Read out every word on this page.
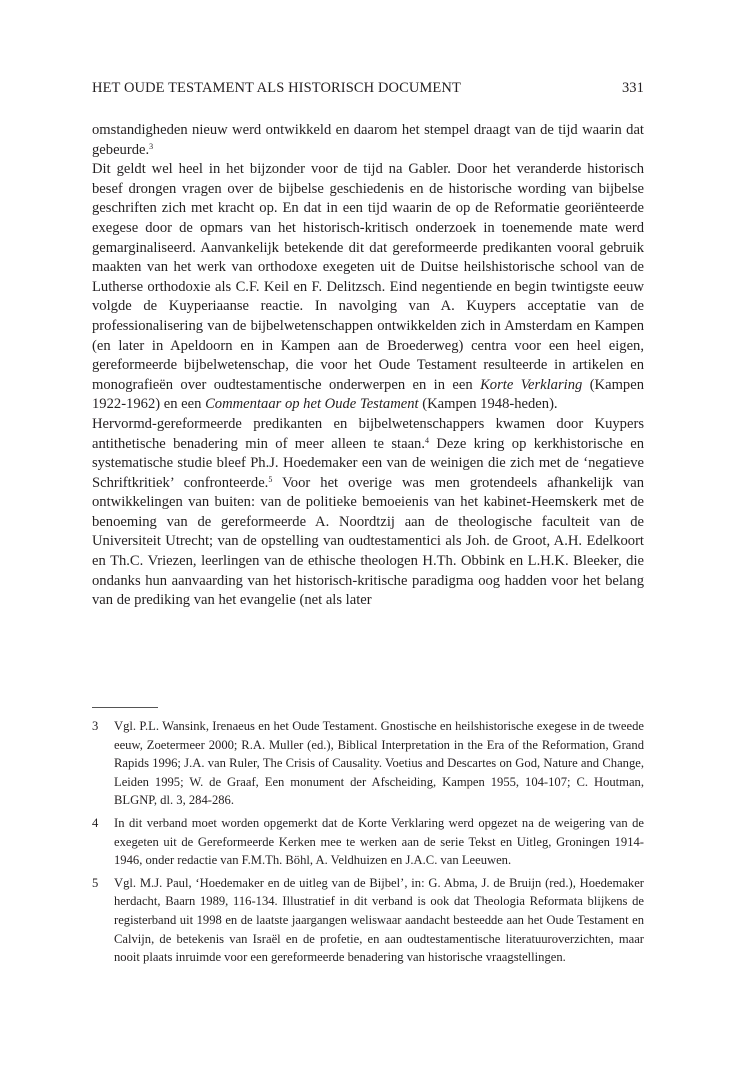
HET OUDE TESTAMENT ALS HISTORISCH DOCUMENT	331

omstandigheden nieuw werd ontwikkeld en daarom het stempel draagt van de tijd waarin dat gebeurde.$^3$

Dit geldt wel heel in het bijzonder voor de tijd na Gabler. Door het veranderde historisch besef drongen vragen over de bijbelse geschiedenis en de historische wording van bijbelse geschriften zich met kracht op. En dat in een tijd waarin de op de Reformatie georiënteerde exegese door de opmars van het historisch-kritisch onderzoek in toenemende mate werd gemarginaliseerd. Aanvankelijk betekende dit dat gereformeerde predikanten vooral gebruik maakten van het werk van orthodoxe exegeten uit de Duitse heilshistorische school van de Lutherse orthodoxie als C.F. Keil en F. Delitzsch. Eind negentiende en begin twintigste eeuw volgde de Kuyperiaanse reactie. In navolging van A. Kuypers acceptatie van de professionalisering van de bijbelwetenschappen ontwikkelden zich in Amsterdam en Kampen (en later in Apeldoorn en in Kampen aan de Broederweg) centra voor een heel eigen, gereformeerde bijbelwetenschap, die voor het Oude Testament resulteerde in artikelen en monografieën over oudtestamentische onderwerpen en in een Korte Verklaring (Kampen 1922-1962) en een Commentaar op het Oude Testament (Kampen 1948-heden).

Hervormd-gereformeerde predikanten en bijbelwetenschappers kwamen door Kuypers antithetische benadering min of meer alleen te staan.$^4$ Deze kring op kerkhistorische en systematische studie bleef Ph.J. Hoedemaker een van de weinigen die zich met de ‘negatieve Schriftkritiek’ confronteerde.$^5$ Voor het overige was men grotendeels afhankelijk van ontwikkelingen van buiten: van de politieke bemoeienis van het kabinet-Heemskerk met de benoeming van de gereformeerde A. Noordtzij aan de theologische faculteit van de Universiteit Utrecht; van de opstelling van oudtestamentici als Joh. de Groot, A.H. Edelkoort en Th.C. Vriezen, leerlingen van de ethische theologen H.Th. Obbink en L.H.K. Bleeker, die ondanks hun aanvaarding van het historisch-kritische paradigma oog hadden voor het belang van de prediking van het evangelie (net als later

3	Vgl. P.L. Wansink, Irenaeus en het Oude Testament. Gnostische en heilshistorische exegese in de tweede eeuw, Zoetermeer 2000; R.A. Muller (ed.), Biblical Interpretation in the Era of the Reformation, Grand Rapids 1996; J.A. van Ruler, The Crisis of Causality. Voetius and Descartes on God, Nature and Change, Leiden 1995; W. de Graaf, Een monument der Afscheiding, Kampen 1955, 104-107; C. Houtman, BLGNP, dl. 3, 284-286.
4	In dit verband moet worden opgemerkt dat de Korte Verklaring werd opgezet na de weigering van de exegeten uit de Gereformeerde Kerken mee te werken aan de serie Tekst en Uitleg, Groningen 1914-1946, onder redactie van F.M.Th. Böhl, A. Veldhuizen en J.A.C. van Leeuwen.
5	Vgl. M.J. Paul, ‘Hoedemaker en de uitleg van de Bijbel’, in: G. Abma, J. de Bruijn (red.), Hoedemaker herdacht, Baarn 1989, 116-134. Illustratief in dit verband is ook dat Theologia Reformata blijkens de registerband uit 1998 en de laatste jaargangen weliswaar aandacht besteedde aan het Oude Testament en Calvijn, de betekenis van Israël en de profetie, en aan oudtestamentische literatuuroverzichten, maar nooit plaats inruimde voor een gereformeerde benadering van historische vraagstellingen.
